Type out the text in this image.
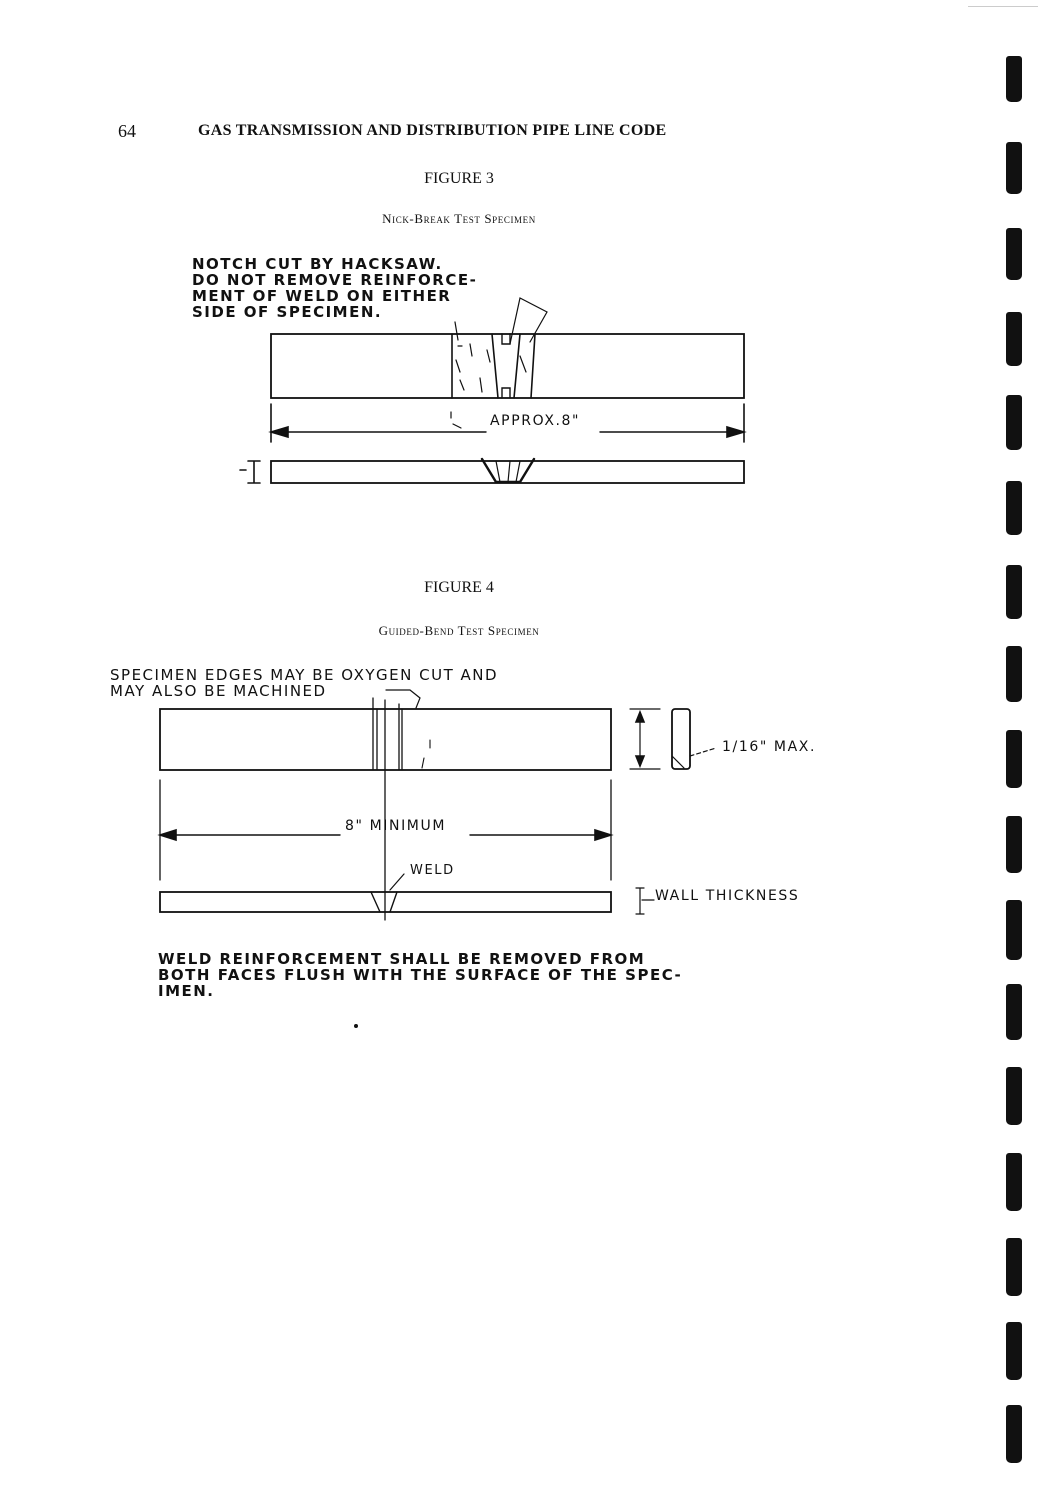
64	GAS TRANSMISSION AND DISTRIBUTION PIPE LINE CODE
FIGURE 3
Nick-Break Test Specimen
NOTCH CUT BY HACKSAW.
DO NOT REMOVE REINFORCE-
MENT OF WELD ON EITHER
SIDE OF SPECIMEN.
APPROX.8"
FIGURE 4
Guided-Bend Test Specimen
SPECIMEN EDGES MAY BE OXYGEN CUT AND
MAY ALSO BE MACHINED
1/16" MAX.
8" MINIMUM
WELD
WALL THICKNESS
WELD REINFORCEMENT SHALL BE REMOVED FROM
BOTH FACES FLUSH WITH THE SURFACE OF THE SPEC-
IMEN.
